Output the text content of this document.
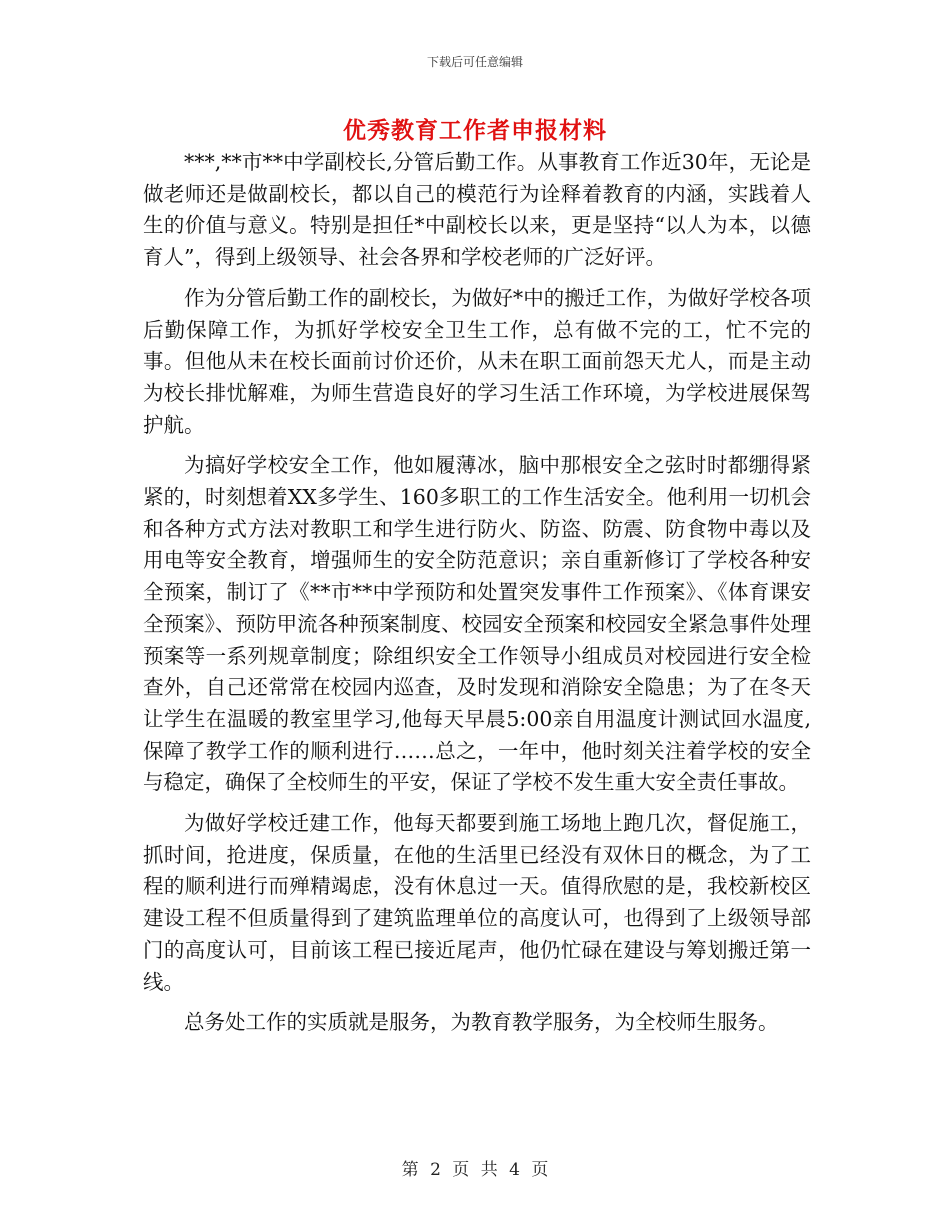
下载后可任意编辑
优秀教育工作者申报材料

***,**市**中学副校长,分管后勤工作。从事教育工作近30年，无论是做老师还是做副校长，都以自己的模范行为诠释着教育的内涵，实践着人生的价值与意义。特别是担任*中副校长以来，更是坚持“以人为本，以德育人”，得到上级领导、社会各界和学校老师的广泛好评。

作为分管后勤工作的副校长，为做好*中的搬迁工作，为做好学校各项后勤保障工作，为抓好学校安全卫生工作，总有做不完的工，忙不完的事。但他从未在校长面前讨价还价，从未在职工面前怨天尤人，而是主动为校长排忧解难，为师生营造良好的学习生活工作环境，为学校进展保驾护航。

为搞好学校安全工作，他如履薄冰，脑中那根安全之弦时时都绷得紧紧的，时刻想着XX多学生、160多职工的工作生活安全。他利用一切机会和各种方式方法对教职工和学生进行防火、防盗、防震、防食物中毒以及用电等安全教育，增强师生的安全防范意识；亲自重新修订了学校各种安全预案，制订了《**市**中学预防和处置突发事件工作预案》、《体育课安全预案》、预防甲流各种预案制度、校园安全预案和校园安全紧急事件处理预案等一系列规章制度；除组织安全工作领导小组成员对校园进行安全检查外，自己还常常在校园内巡查，及时发现和消除安全隐患；为了在冬天让学生在温暖的教室里学习,他每天早晨5:00亲自用温度计测试回水温度,保障了教学工作的顺利进行……总之，一年中，他时刻关注着学校的安全与稳定，确保了全校师生的平安，保证了学校不发生重大安全责任事故。

为做好学校迁建工作，他每天都要到施工场地上跑几次，督促施工，抓时间，抢进度，保质量，在他的生活里已经没有双休日的概念，为了工程的顺利进行而殚精竭虑，没有休息过一天。值得欣慰的是，我校新校区建设工程不但质量得到了建筑监理单位的高度认可，也得到了上级领导部门的高度认可，目前该工程已接近尾声，他仍忙碌在建设与筹划搬迁第一线。

总务处工作的实质就是服务，为教育教学服务，为全校师生服务。

第 2 页 共 4 页
